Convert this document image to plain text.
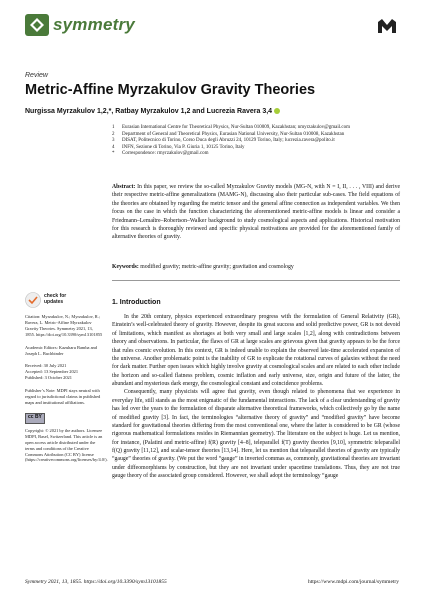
symmetry
Review
Metric-Affine Myrzakulov Gravity Theories
Nurgissa Myrzakulov 1,2,*, Ratbay Myrzakulov 1,2 and Lucrezia Ravera 3,4
1	Eurasian International Centre for Theoretical Physics, Nur-Sultan 010009, Kazakhstan; nmyrzakulov@gmail.com
2	Department of General and Theoretical Physics, Eurasian National University, Nur-Sultan 010008, Kazakhstan
3	DISAT, Politecnico di Torino, Corso Duca degli Abruzzi 24, 10129 Torino, Italy; lucrezia.ravera@polito.it
4	INFN, Sezione di Torino, Via P. Giuria 1, 10125 Torino, Italy
*	Correspondence: rmyrzakulov@gmail.com
Abstract: In this paper, we review the so-called Myrzakulov Gravity models (MG-N, with N = I, II, . . . , VIII) and derive their respective metric-affine generalizations (MAMG-N), discussing also their particular sub-cases. The field equations of the theories are obtained by regarding the metric tensor and the general affine connection as independent variables. We then focus on the case in which the function characterizing the aforementioned metric-affine models is linear and consider a Friedmann–Lemaître–Robertson–Walker background to study cosmological aspects and applications. Historical motivation for this research is thoroughly reviewed and specific physical motivations are provided for the aforementioned family of alternative theories of gravity.
Keywords: modified gravity; metric-affine gravity; gravitation and cosmology
check for
updates
Citation: Myrzakulov, N.; Myrzakulov, R.; Ravera, L. Metric-Affine Myrzakulov Gravity Theories. Symmetry 2021, 13, 1855. https://doi.org/10.3390/sym13101855
Academic Editors: Kazuharu Bamba and Joseph L. Buchbinder
Received: 30 July 2021
Accepted: 13 September 2021
Published: 3 October 2021
Publisher’s Note: MDPI stays neutral with regard to jurisdictional claims in published maps and institutional affiliations.
cc BY
Copyright: © 2021 by the authors. Licensee MDPI, Basel, Switzerland. This article is an open access article distributed under the terms and conditions of the Creative Commons Attribution (CC BY) license (https://creativecommons.org/licenses/by/4.0/).
1. Introduction

In the 20th century, physics experienced extraordinary progress with the formulation of General Relativity (GR), Einstein’s well-celebrated theory of gravity. However, despite its great success and solid predictive power, GR is not devoid of limitations, which manifest as shortages at both very small and large scales [1,2], along with contradictions between theory and observations. In particular, the flaws of GR at large scales are grievous given that gravity appears to be the force that rules cosmic evolution. In this context, GR is indeed unable to explain the observed late-time accelerated expansion of the universe. Another problematic point is the inability of GR to explicate the rotational curves of galaxies without the need for dark matter. Further open issues which highly involve gravity at cosmological scales and are related to each other include the horizon and so-called flatness problem, cosmic inflation and early universe, size, origin and future of the latter, the abundant and mysterious dark energy, the cosmological constant and coincidence problems.

Consequently, many physicists will agree that gravity, even though related to phenomena that we experience in everyday life, still stands as the most enigmatic of the fundamental interactions. The lack of a clear understanding of gravity has led over the years to the formulation of disparate alternative theoretical frameworks, which collectively go by the name of modified gravity [3]. In fact, the terminologies “alternative theory of gravity” and “modified gravity” have become standard for gravitational theories differing from the most conventional one, where the latter is considered to be GR (whose rigorous mathematical formulations resides in Riemannian geometry). The literature on the subject is huge. Let us mention, for instance, (Palatini and metric-affine) f(R) gravity [4–8], teleparallel f(T) gravity theories [9,10], symmetric teleparallel f(Q) gravity [11,12], and scalar-tensor theories [13,14]. Here, let us mention that teleparallel theories of gravity are typically “gauge” theories of gravity. (We put the word “gauge” in inverted commas as, commonly, gravitational theories are invariant under diffeomorphisms by construction, but they are not invariant under spacetime translations. Thus, they are not true gauge theory of the associated group considered. However, we shall adopt the terminology “gauge

Symmetry 2021, 13, 1855. https://doi.org/10.3390/sym13101855	https://www.mdpi.com/journal/symmetry
